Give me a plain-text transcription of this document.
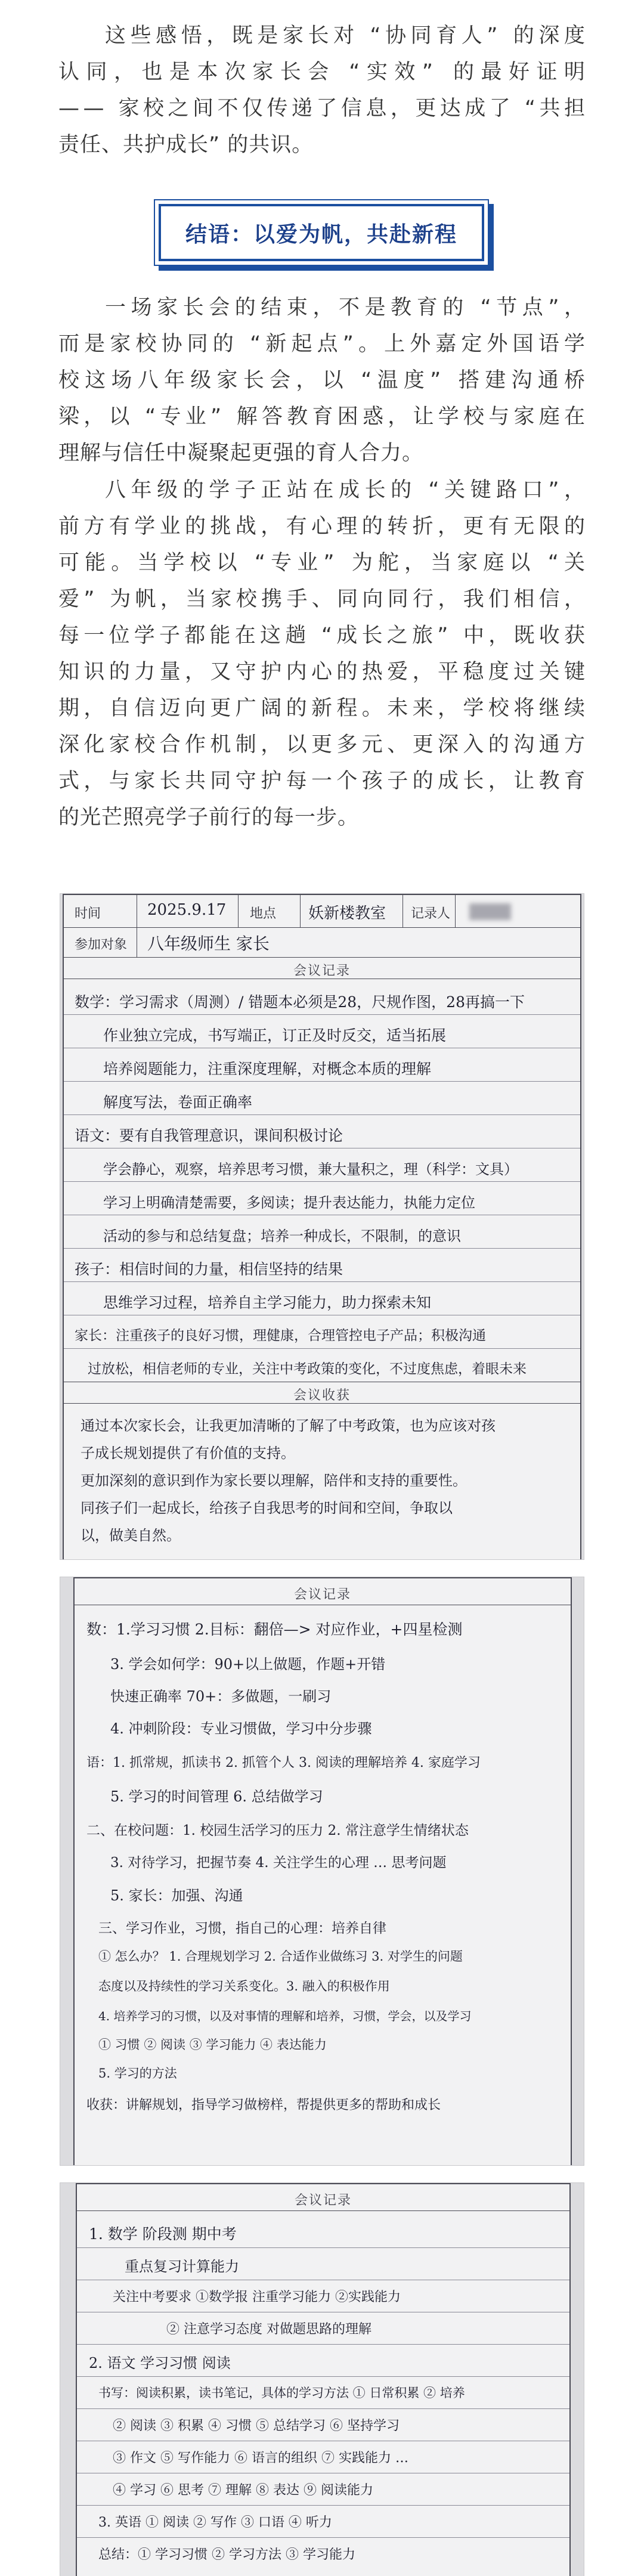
这些感悟，既是家长对 “协同育人” 的深度
认同，也是本次家长会 “实效” 的最好证明
—— 家校之间不仅传递了信息，更达成了 “共担
责任、共护成长” 的共识。
结语：以爱为帆，共赴新程
一场家长会的结束，不是教育的 “节点”，
而是家校协同的 “新起点”。上外嘉定外国语学
校这场八年级家长会，以 “温度” 搭建沟通桥
梁，以 “专业” 解答教育困惑，让学校与家庭在
理解与信任中凝聚起更强的育人合力。
八年级的学子正站在成长的 “关键路口”，
前方有学业的挑战，有心理的转折，更有无限的
可能。当学校以 “专业” 为舵，当家庭以 “关
爱” 为帆，当家校携手、同向同行，我们相信，
每一位学子都能在这趟 “成长之旅” 中，既收获
知识的力量，又守护内心的热爱，平稳度过关键
期，自信迈向更广阔的新程。未来，学校将继续
深化家校合作机制，以更多元、更深入的沟通方
式，与家长共同守护每一个孩子的成长，让教育
的光芒照亮学子前行的每一步。
时间	2025.9.17 地点 妖新楼教室 记录人
参加对象 八年级师生 家长
会议记录
数学：学习需求（周测）/ 错题本必须是28，尺规作图，28再搞一下
作业独立完成，书写端正，订正及时反交，适当拓展
培养阅题能力，注重深度理解，对概念本质的理解
解度写法，卷面正确率
语文：要有自我管理意识，课间积极讨论
学会静心，观察，培养思考习惯，兼大量积之，理（科学：文具）
学习上明确清楚需要，多阅读；提升表达能力，执能力定位
活动的参与和总结复盘；培养一种成长，不限制，的意识
孩子：相信时间的力量，相信坚持的结果
思维学习过程，培养自主学习能力，助力探索未知
家长：注重孩子的良好习惯，理健康，合理管控电子产品；积极沟通
过放松，相信老师的专业，关注中考政策的变化，不过度焦虑，着眼未来
会议收获
通过本次家长会，让我更加清晰的了解了中考政策，也为应该对孩
子成长规划提供了有价值的支持。
更加深刻的意识到作为家长要以理解，陪伴和支持的重要性。
同孩子们一起成长，给孩子自我思考的时间和空间，争取以
以，做美自然。
会议记录
数：1.学习习惯 2.目标：翻倍—> 对应作业，+四星检测
3. 学会如何学：90+以上做题，作题+开错
快速正确率 70+：多做题，一刷习
4. 冲刺阶段：专业习惯做，学习中分步骤
语：1. 抓常规，抓读书 2. 抓管个人 3. 阅读的理解培养 4. 家庭学习
5. 学习的时间管理 6. 总结做学习
二、在校问题：1. 校园生活学习的压力 2. 常注意学生情绪状态
3. 对待学习，把握节奏 4. 关注学生的心理 … 思考问题
5. 家长：加强、沟通
三、学习作业，习惯，指自己的心理：培养自律
① 怎么办？ 1. 合理规划学习 2. 合适作业做练习 3. 对学生的问题
态度以及持续性的学习关系变化。3. 融入的积极作用
4. 培养学习的习惯，以及对事情的理解和培养，习惯，学会，以及学习
① 习惯 ② 阅读 ③ 学习能力 ④ 表达能力
5. 学习的方法
收获：讲解规划，指导学习做榜样，帮提供更多的帮助和成长
会议记录
1. 数学 阶段测 期中考
重点复习计算能力
关注中考要求 ①数学报 注重学习能力 ②实践能力
② 注意学习态度 对做题思路的理解
2. 语文 学习习惯 阅读
书写：阅读积累，读书笔记，具体的学习方法 ① 日常积累 ② 培养
② 阅读 ③ 积累 ④ 习惯 ⑤ 总结学习 ⑥ 坚持学习
③ 作文 ⑤ 写作能力 ⑥ 语言的组织 ⑦ 实践能力 …
④ 学习 ⑥ 思考 ⑦ 理解 ⑧ 表达 ⑨ 阅读能力
3. 英语 ① 阅读 ② 写作 ③ 口语 ④ 听力
总结：① 学习习惯 ② 学习方法 ③ 学习能力
